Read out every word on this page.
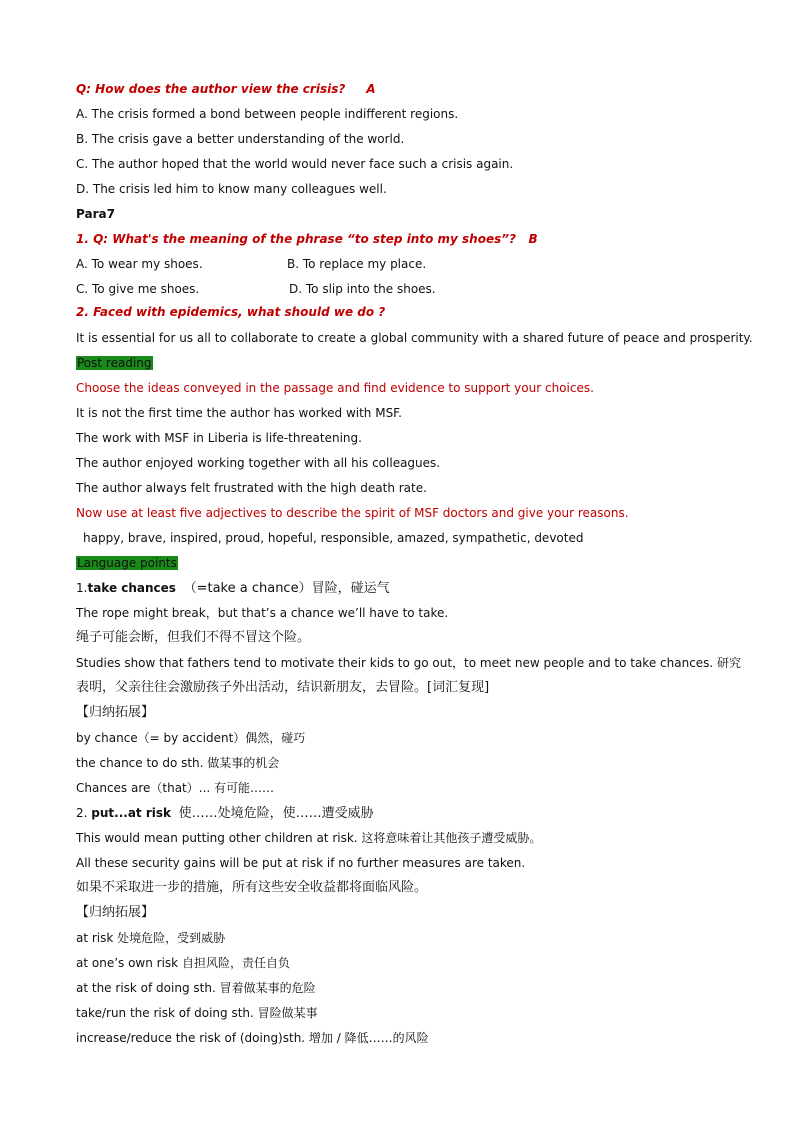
Q: How does the author view the crisis? A
A. The crisis formed a bond between people indifferent regions.
B. The crisis gave a better understanding of the world.
C. The author hoped that the world would never face such a crisis again.
D. The crisis led him to know many colleagues well.
Para7
1. Q: What's the meaning of the phrase “to step into my shoes”? B
A. To wear my shoes.	B. To replace my place.
C. To give me shoes.	D. To slip into the shoes.
2. Faced with epidemics, what should we do ?
It is essential for us all to collaborate to create a global community with a shared future of peace and prosperity.
Post reading
Choose the ideas conveyed in the passage and find evidence to support your choices.
It is not the first time the author has worked with MSF.
The work with MSF in Liberia is life-threatening.
The author enjoyed working together with all his colleagues.
The author always felt frustrated with the high death rate.
Now use at least five adjectives to describe the spirit of MSF doctors and give your reasons.
happy, brave, inspired, proud, hopeful, responsible, amazed, sympathetic, devoted
Language points
1.take chances （=take a chance）冒险，碰运气
The rope might break，but that’s a chance we’ll have to take.
绳子可能会断，但我们不得不冒这个险。
Studies show that fathers tend to motivate their kids to go out，to meet new people and to take chances. 研究
表明，父亲往往会激励孩子外出活动，结识新朋友，去冒险。[词汇复现]
【归纳拓展】
by chance（= by accident）偶然，碰巧
the chance to do sth. 做某事的机会
Chances are（that）... 有可能……
2. put...at risk 使……处境危险，使……遭受威胁
This would mean putting other children at risk. 这将意味着让其他孩子遭受威胁。
All these security gains will be put at risk if no further measures are taken.
如果不采取进一步的措施，所有这些安全收益都将面临风险。
【归纳拓展】
at risk 处境危险，受到威胁
at one’s own risk 自担风险，责任自负
at the risk of doing sth. 冒着做某事的危险
take/run the risk of doing sth. 冒险做某事
increase/reduce the risk of (doing)sth. 增加 / 降低……的风险
